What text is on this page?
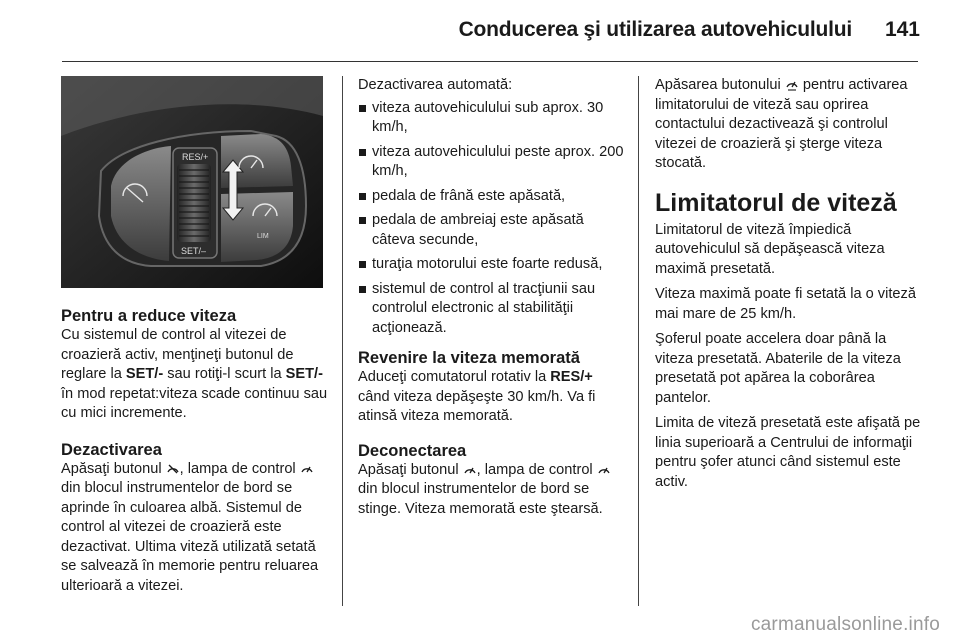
Conducerea şi utilizarea autovehiculului 141
RES/+
SET/–
LIM
Pentru a reduce viteza

Cu sistemul de control al vitezei de croazieră activ, menţineţi butonul de reglare la SET/- sau rotiţi-l scurt la SET/- în mod repetat:viteza scade continuu sau cu mici incremente.

Dezactivarea

Apăsaţi butonul , lampa de control  din blocul instrumentelor de bord se aprinde în culoarea albă. Sistemul de control al vitezei de croazieră este dezactivat. Ultima viteză utilizată setată se salvează în memorie pentru reluarea ulterioară a vitezei.

Dezactivarea automată:

viteza autovehiculului sub aprox. 30 km/h,
viteza autovehiculului peste aprox. 200 km/h,
pedala de frână este apăsată,
pedala de ambreiaj este apăsată câteva secunde,
turaţia motorului este foarte redusă,
sistemul de control al tracţiunii sau controlul electronic al stabilităţii acţionează.
Revenire la viteza memorată

Aduceţi comutatorul rotativ la RES/+ când viteza depăşeşte 30 km/h. Va fi atinsă viteza memorată.

Deconectarea

Apăsaţi butonul , lampa de control  din blocul instrumentelor de bord se stinge. Viteza memorată este ştearsă.

Apăsarea butonului  pentru activarea limitatorului de viteză sau oprirea contactului dezactivează şi controlul vitezei de croazieră şi şterge viteza stocată.

Limitatorul de viteză

Limitatorul de viteză împiedică autovehiculul să depăşească viteza maximă presetată.

Viteza maximă poate fi setată la o viteză mai mare de 25 km/h.

Şoferul poate accelera doar până la viteza presetată. Abaterile de la viteza presetată pot apărea la coborârea pantelor.

Limita de viteză presetată este afişată pe linia superioară a Centrului de informaţii pentru şofer atunci când sistemul este activ.

carmanualsonline.info
